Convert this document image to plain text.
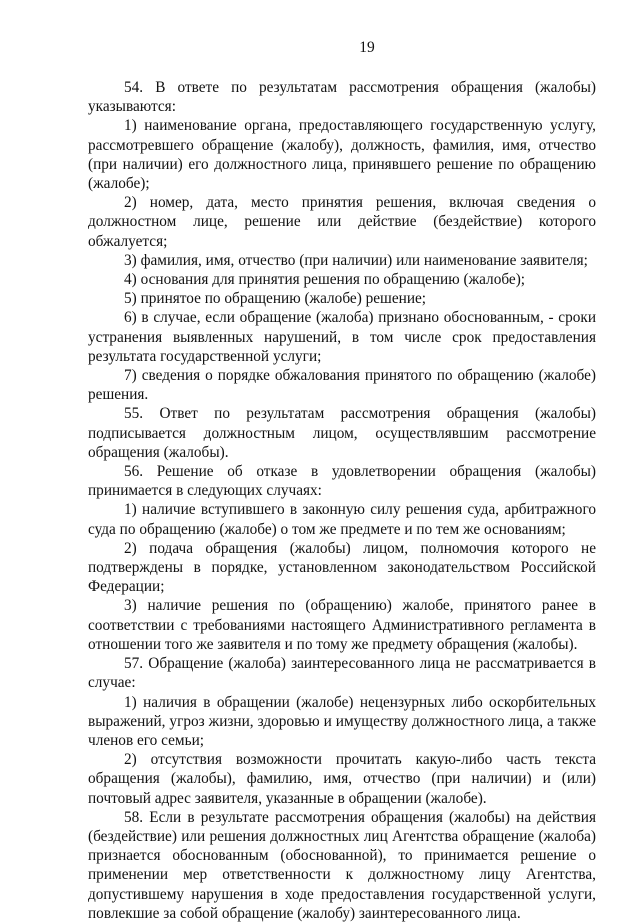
19

54. В ответе по результатам рассмотрения обращения (жалобы) указываются:

1) наименование органа, предоставляющего государственную услугу, рассмотревшего обращение (жалобу), должность, фамилия, имя, отчество (при наличии) его должностного лица, принявшего решение по обращению (жалобе);

2) номер, дата, место принятия решения, включая сведения о должностном лице, решение или действие (бездействие) которого обжалуется;

3) фамилия, имя, отчество (при наличии) или наименование заявителя;

4) основания для принятия решения по обращению (жалобе);

5) принятое по обращению (жалобе) решение;

6) в случае, если обращение (жалоба) признано обоснованным, - сроки устранения выявленных нарушений, в том числе срок предоставления результата государственной услуги;

7) сведения о порядке обжалования принятого по обращению (жалобе) решения.

55. Ответ по результатам рассмотрения обращения (жалобы) подписывается должностным лицом, осуществлявшим рассмотрение обращения (жалобы).

56. Решение об отказе в удовлетворении обращения (жалобы) принимается в следующих случаях:

1) наличие вступившего в законную силу решения суда, арбитражного суда по обращению (жалобе) о том же предмете и по тем же основаниям;

2) подача обращения (жалобы) лицом, полномочия которого не подтверждены в порядке, установленном законодательством Российской Федерации;

3) наличие решения по (обращению) жалобе, принятого ранее в соответствии с требованиями настоящего Административного регламента в отношении того же заявителя и по тому же предмету обращения (жалобы).

57. Обращение (жалоба) заинтересованного лица не рассматривается в случае:

1) наличия в обращении (жалобе) нецензурных либо оскорбительных выражений, угроз жизни, здоровью и имуществу должностного лица, а также членов его семьи;

2) отсутствия возможности прочитать какую-либо часть текста обращения (жалобы), фамилию, имя, отчество (при наличии) и (или) почтовый адрес заявителя, указанные в обращении (жалобе).

58. Если в результате рассмотрения обращения (жалобы) на действия (бездействие) или решения должностных лиц Агентства обращение (жалоба) признается обоснованным (обоснованной), то принимается решение о применении мер ответственности к должностному лицу Агентства, допустившему нарушения в ходе предоставления государственной услуги, повлекшие за собой обращение (жалобу) заинтересованного лица.
